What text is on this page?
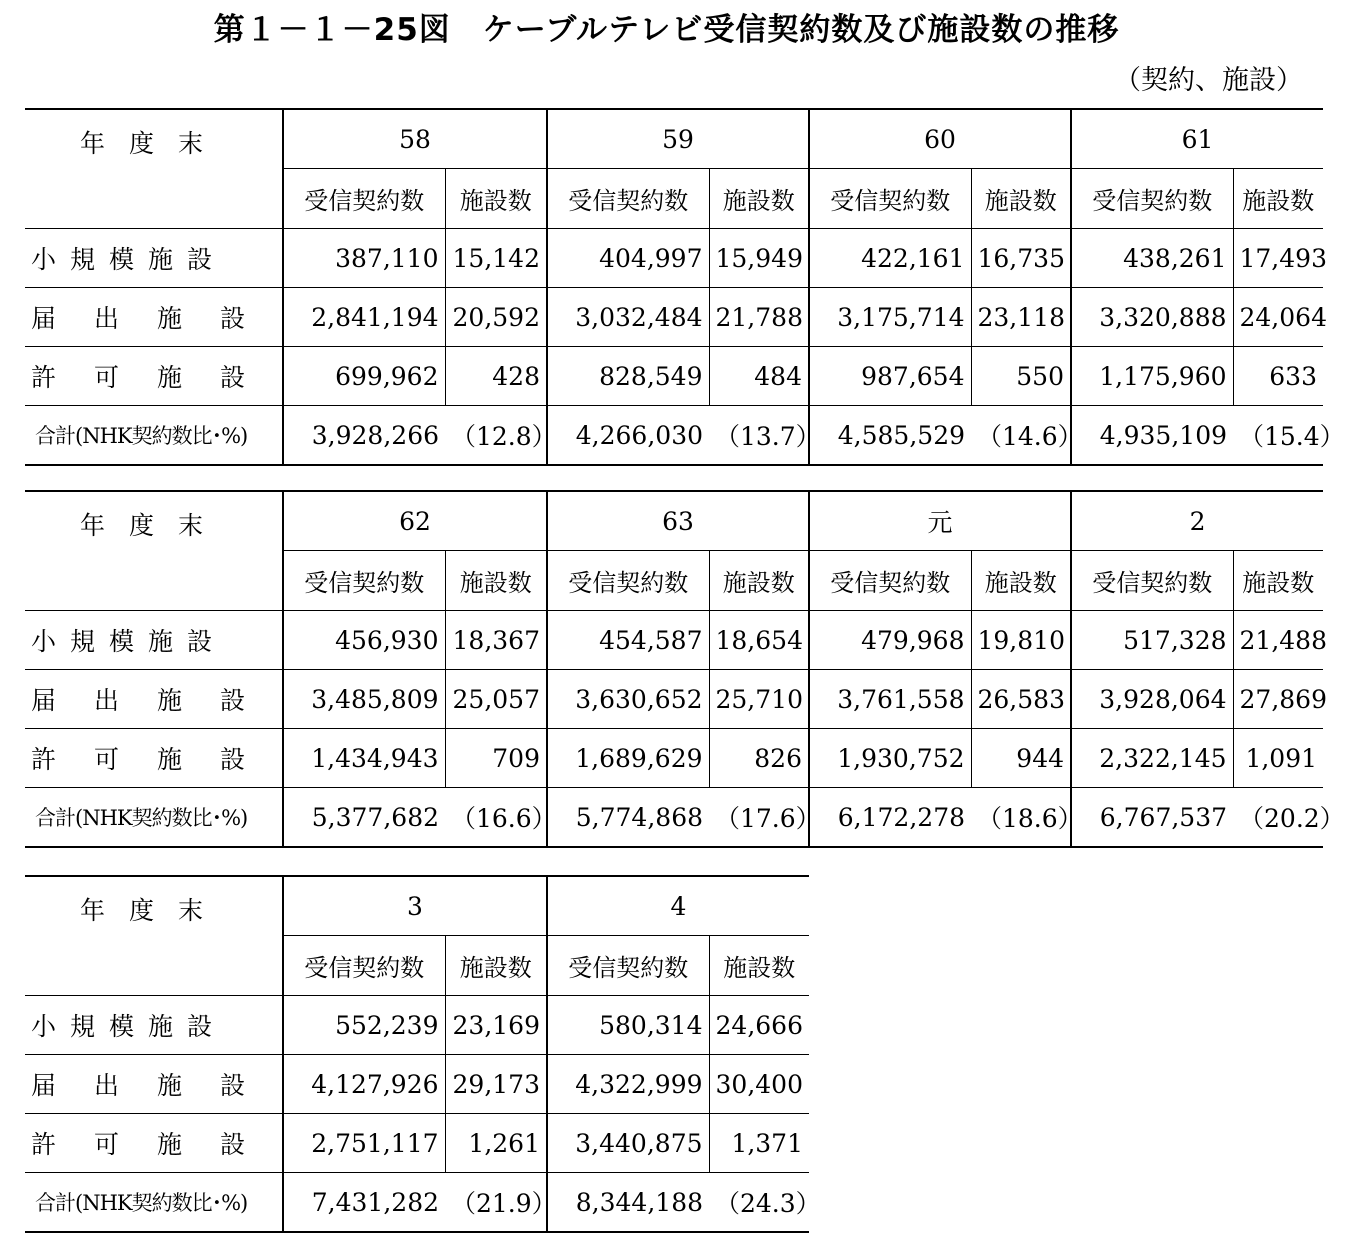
第１－１－25図　ケーブルテレビ受信契約数及び施設数の推移
（契約、施設）
年度末	58		59		60		61	
	受信契約数	施設数	受信契約数	施設数	受信契約数	施設数	受信契約数	施設数
小規模施設	387,110	15,142	404,997	15,949	422,161	16,735	438,261	17,493
届出施設	2,841,194	20,592	3,032,484	21,788	3,175,714	23,118	3,320,888	24,064
許可施設	699,962	428	828,549	484	987,654	550	1,175,960	633
合計(NHK契約数比･%)	3,928,266	（12.8）	4,266,030	（13.7）	4,585,529	（14.6）	4,935,109	（15.4）
年度末	62		63		元		2	
	受信契約数	施設数	受信契約数	施設数	受信契約数	施設数	受信契約数	施設数
小規模施設	456,930	18,367	454,587	18,654	479,968	19,810	517,328	21,488
届出施設	3,485,809	25,057	3,630,652	25,710	3,761,558	26,583	3,928,064	27,869
許可施設	1,434,943	709	1,689,629	826	1,930,752	944	2,322,145	1,091
合計(NHK契約数比･%)	5,377,682	（16.6）	5,774,868	（17.6）	6,172,278	（18.6）	6,767,537	（20.2）
年度末	3		4	
	受信契約数	施設数	受信契約数	施設数
小規模施設	552,239	23,169	580,314	24,666
届出施設	4,127,926	29,173	4,322,999	30,400
許可施設	2,751,117	1,261	3,440,875	1,371
合計(NHK契約数比･%)	7,431,282	（21.9）	8,344,188	（24.3）
